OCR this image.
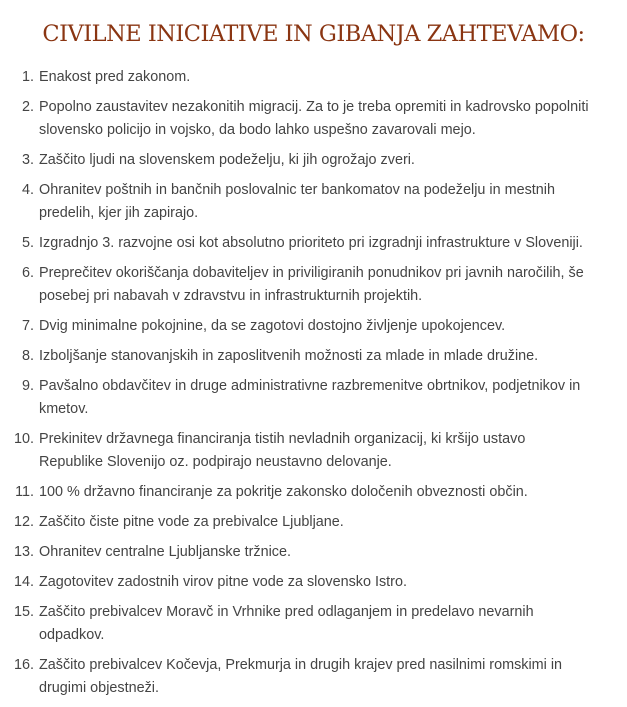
CIVILNE INICIATIVE IN GIBANJA ZAHTEVAMO:
1. Enakost pred zakonom.
2. Popolno zaustavitev nezakonitih migracij. Za to je treba opremiti in kadrovsko popolniti slovensko policijo in vojsko, da bodo lahko uspešno zavarovali mejo.
3. Zaščito ljudi na slovenskem podeželju, ki jih ogrožajo zveri.
4. Ohranitev poštnih in bančnih poslovalnic ter bankomatov na podeželju in mestnih predelih, kjer jih zapirajo.
5. Izgradnjo 3. razvojne osi kot absolutno prioriteto pri izgradnji infrastrukture v Sloveniji.
6. Preprečitev okoriščanja dobaviteljev in priviligiranih ponudnikov pri javnih naročilih, še posebej pri nabavah v zdravstvu in infrastrukturnih projektih.
7. Dvig minimalne pokojnine, da se zagotovi dostojno življenje upokojencev.
8. Izboljšanje stanovanjskih in zaposlitvenih možnosti za mlade in mlade družine.
9. Pavšalno obdavčitev in druge administrativne razbremenitve obrtnikov, podjetnikov in kmetov.
10. Prekinitev državnega financiranja tistih nevladnih organizacij, ki kršijo ustavo Republike Slovenijo oz. podpirajo neustavno delovanje.
11. 100 % državno financiranje za pokritje zakonsko določenih obveznosti občin.
12. Zaščito čiste pitne vode za prebivalce Ljubljane.
13. Ohranitev centralne Ljubljanske tržnice.
14. Zagotovitev zadostnih virov pitne vode za slovensko Istro.
15. Zaščito prebivalcev Moravč in Vrhnike pred odlaganjem in predelavo nevarnih odpadkov.
16. Zaščito prebivalcev Kočevja, Prekmurja in drugih krajev pred nasilnimi romskimi in drugimi objestneži.
